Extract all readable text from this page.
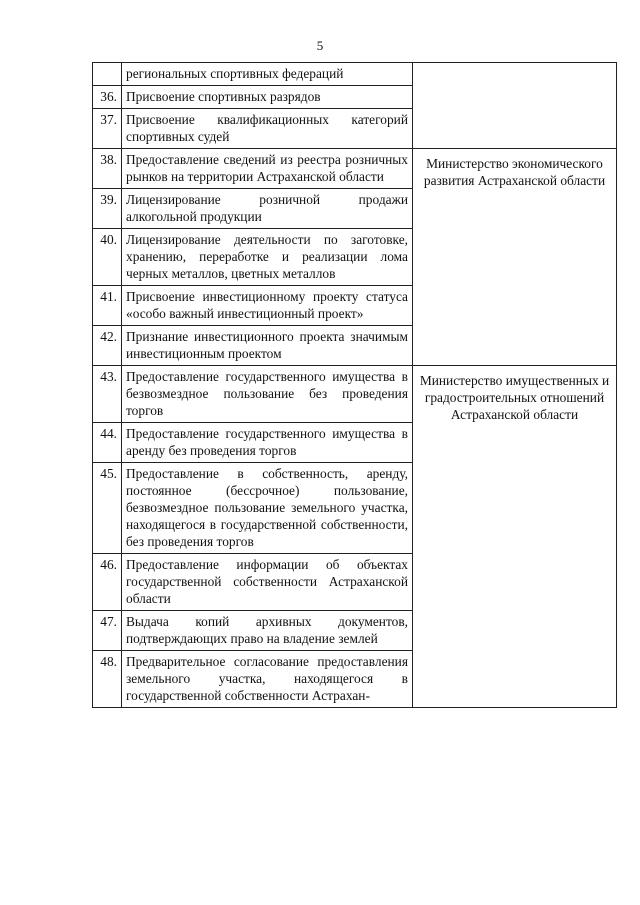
5
	региональных спортивных федераций	
36.	Присвоение спортивных разрядов	
37.	Присвоение квалификационных категорий спортивных судей	
38.	Предоставление сведений из реестра розничных рынков на территории Астраханской области	Министерство экономического развития Астраханской области
39.	Лицензирование розничной продажи алкогольной продукции	
40.	Лицензирование деятельности по заготовке, хранению, переработке и реализации лома черных металлов, цветных металлов	
41.	Присвоение инвестиционному проекту статуса «особо важный инвестиционный проект»	
42.	Признание инвестиционного проекта значимым инвестиционным проектом	
43.	Предоставление государственного имущества в безвозмездное пользование без проведения торгов	Министерство имущественных и градостроительных отношений Астраханской области
44.	Предоставление государственного имущества в аренду без проведения торгов	
45.	Предоставление в собственность, аренду, постоянное (бессрочное) пользование, безвозмездное пользование земельного участка, находящегося в государственной собственности, без проведения торгов	
46.	Предоставление информации об объектах государственной собственности Астраханской области	
47.	Выдача копий архивных документов, подтверждающих право на владение землей	
48.	Предварительное согласование предоставления земельного участка, находящегося в государственной собственности Астрахан-	
